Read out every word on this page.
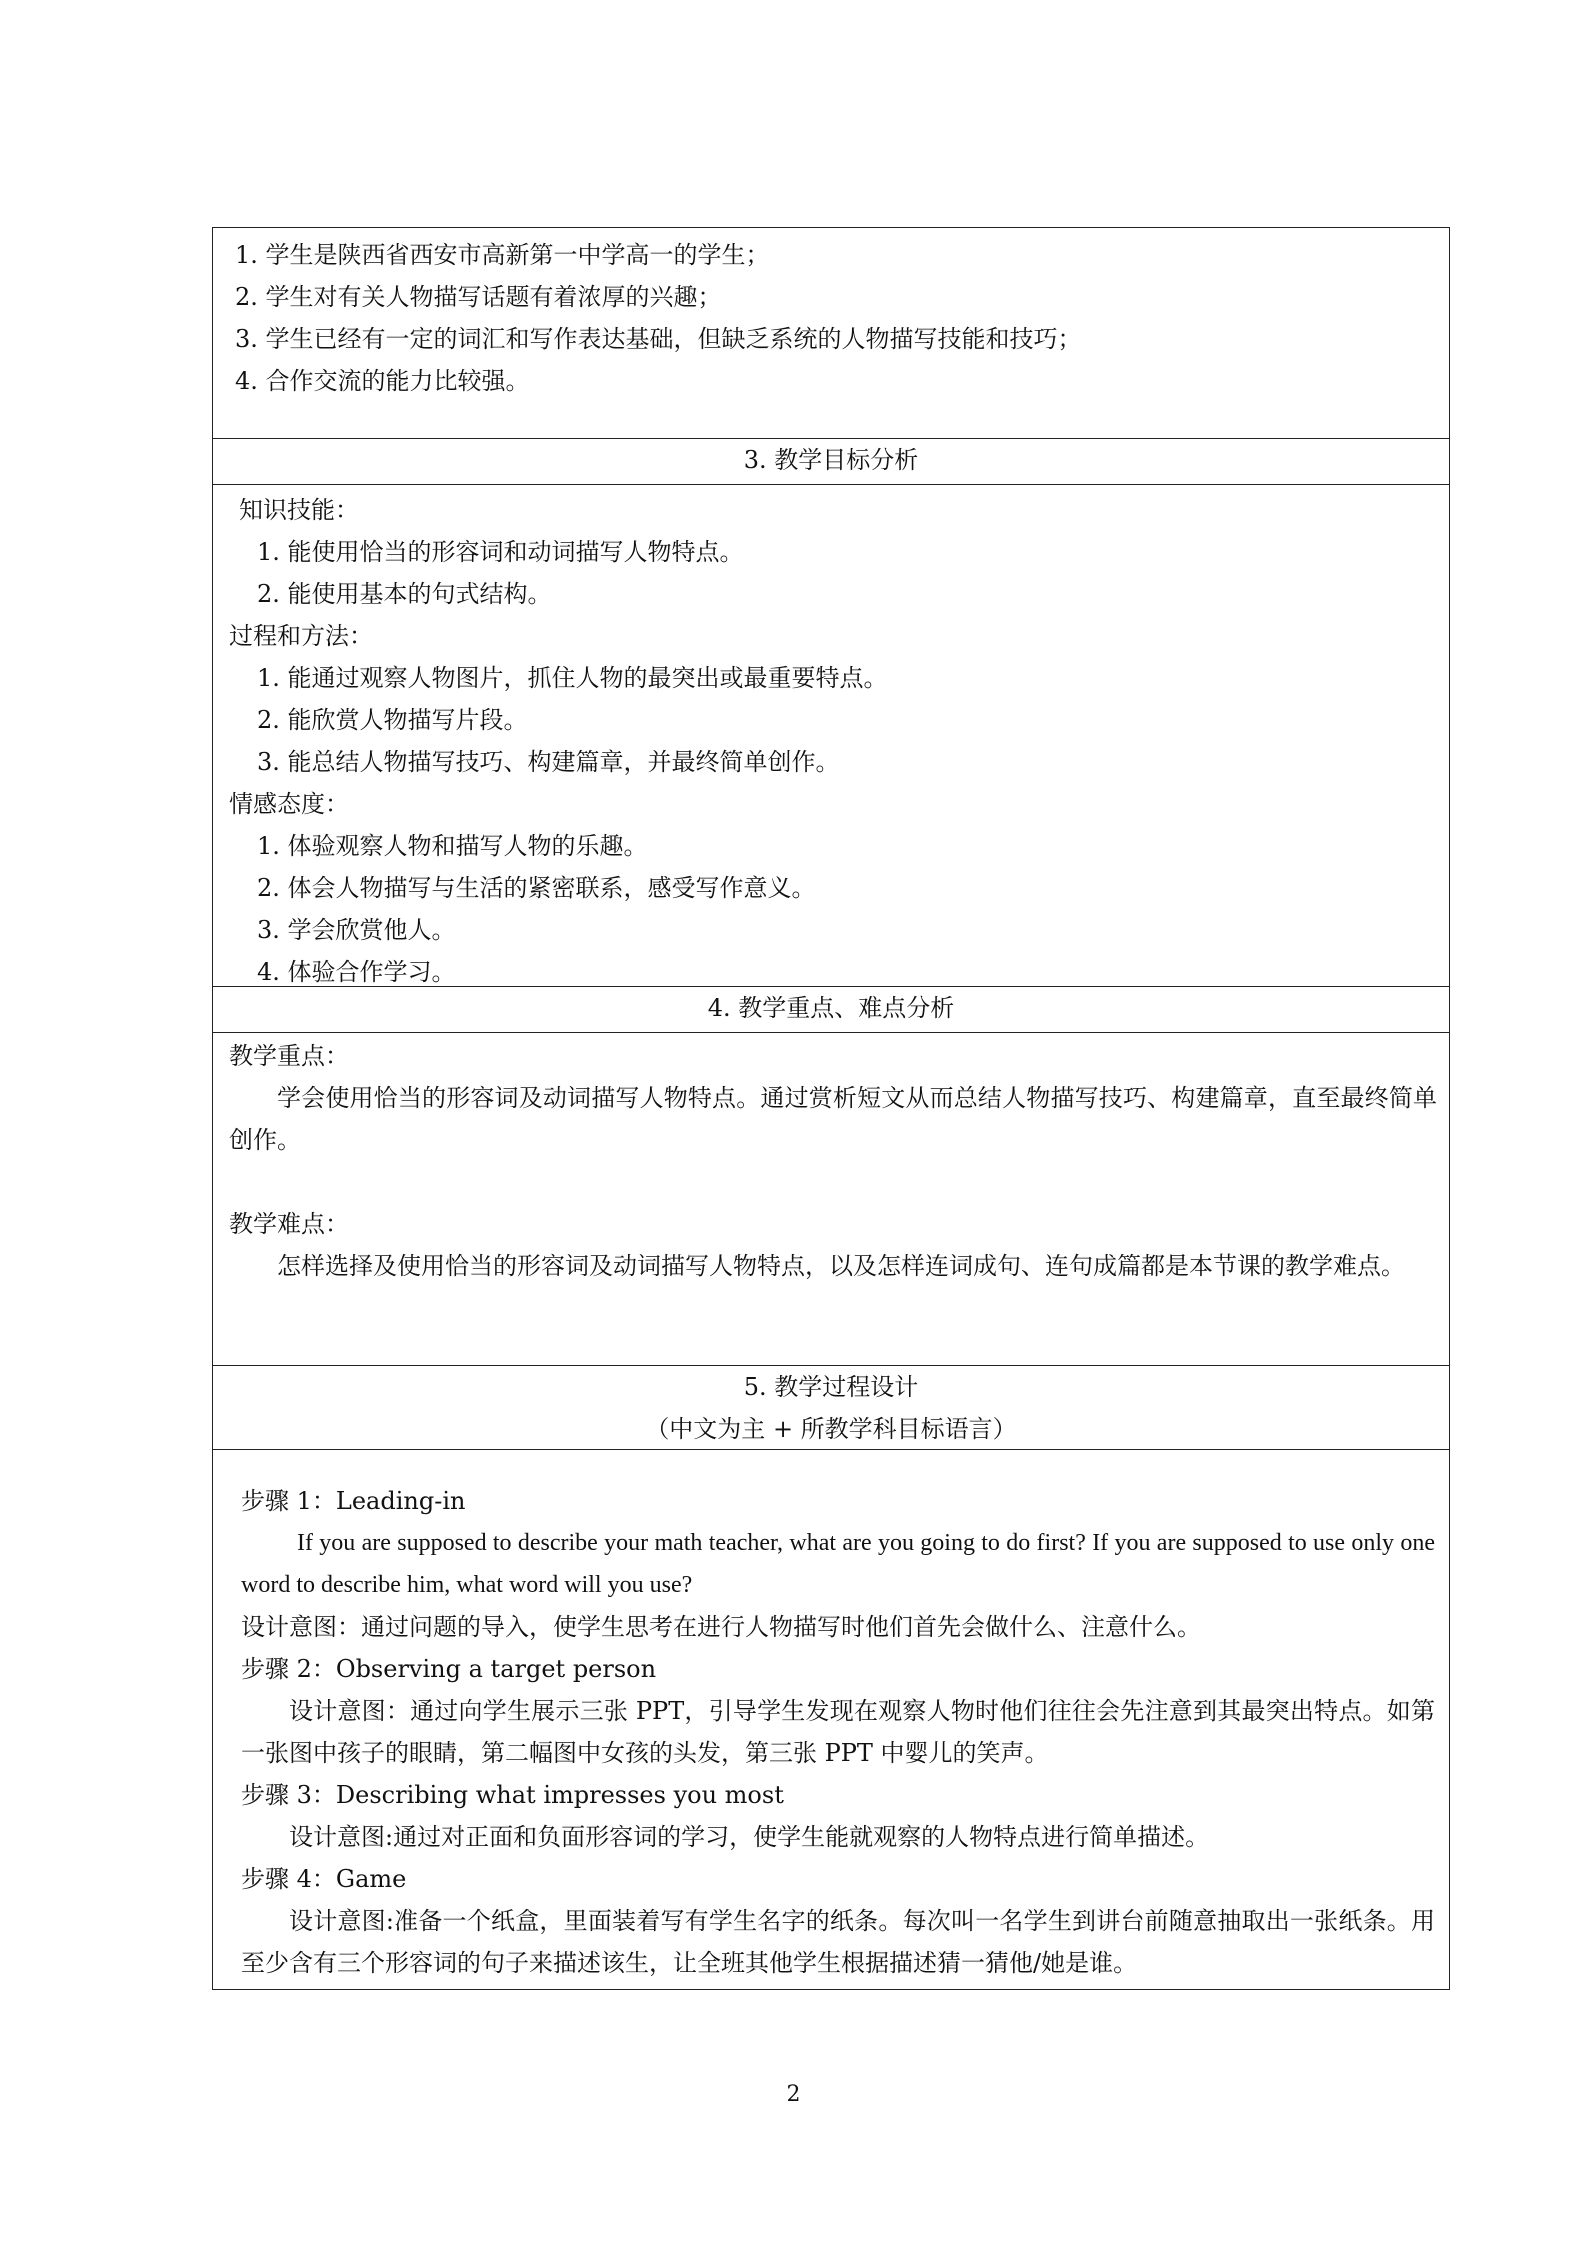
1. 学生是陕西省西安市高新第一中学高一的学生；
2. 学生对有关人物描写话题有着浓厚的兴趣；
3. 学生已经有一定的词汇和写作表达基础，但缺乏系统的人物描写技能和技巧；
4. 合作交流的能力比较强。
3. 教学目标分析
知识技能：
1. 能使用恰当的形容词和动词描写人物特点。
2. 能使用基本的句式结构。
过程和方法：
1. 能通过观察人物图片，抓住人物的最突出或最重要特点。
2. 能欣赏人物描写片段。
3. 能总结人物描写技巧、构建篇章，并最终简单创作。
情感态度：
1. 体验观察人物和描写人物的乐趣。
2. 体会人物描写与生活的紧密联系，感受写作意义。
3. 学会欣赏他人。
4. 体验合作学习。
4. 教学重点、难点分析
教学重点：
学会使用恰当的形容词及动词描写人物特点。通过赏析短文从而总结人物描写技巧、构建篇章，直至最终简单创作。
教学难点：
怎样选择及使用恰当的形容词及动词描写人物特点，以及怎样连词成句、连句成篇都是本节课的教学难点。
5. 教学过程设计
（中文为主 + 所教学科目标语言）
步骤 1：Leading-in
If you are supposed to describe your math teacher, what are you going to do first? If you are supposed to use only one word to describe him, what word will you use?
设计意图：通过问题的导入，使学生思考在进行人物描写时他们首先会做什么、注意什么。
步骤 2：Observing a target person
设计意图：通过向学生展示三张 PPT，引导学生发现在观察人物时他们往往会先注意到其最突出特点。如第一张图中孩子的眼睛，第二幅图中女孩的头发，第三张 PPT 中婴儿的笑声。
步骤 3：Describing what impresses you most
设计意图:通过对正面和负面形容词的学习，使学生能就观察的人物特点进行简单描述。
步骤 4：Game
设计意图:准备一个纸盒，里面装着写有学生名字的纸条。每次叫一名学生到讲台前随意抽取出一张纸条。用至少含有三个形容词的句子来描述该生，让全班其他学生根据描述猜一猜他/她是谁。
2
